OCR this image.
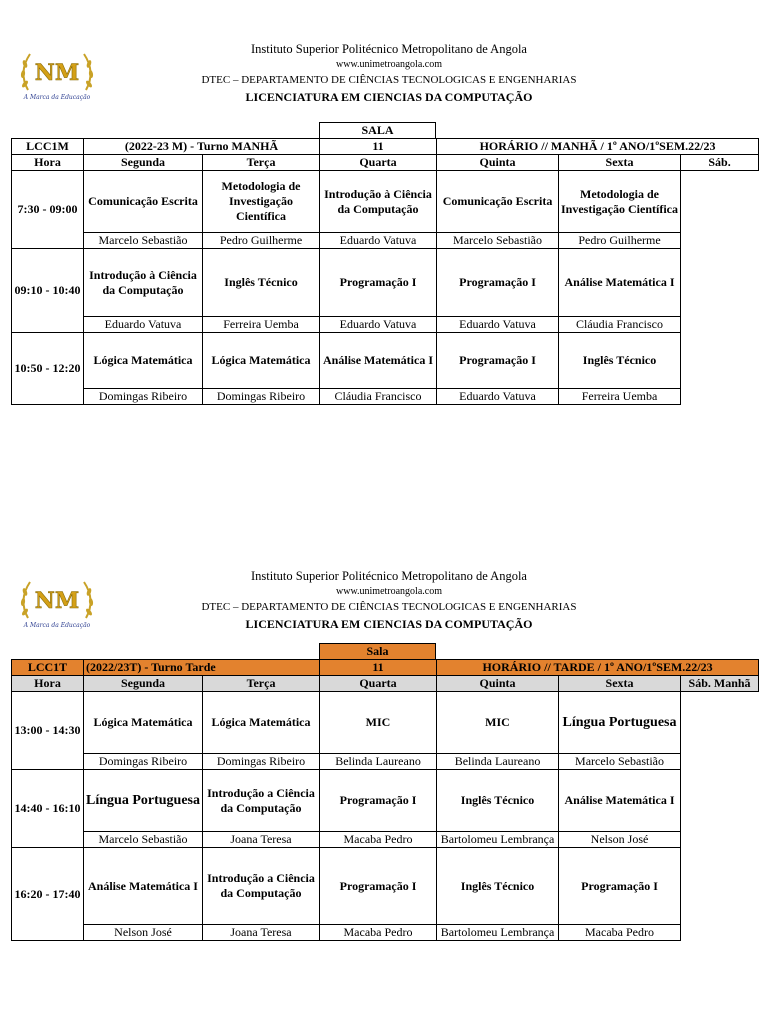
NM
A Marca da Educação
Instituto Superior Politécnico Metropolitano de Angola
www.unimetroangola.com
DTEC – DEPARTAMENTO DE CIÊNCIAS TECNOLOGICAS E ENGENHARIAS
LICENCIATURA EM CIENCIAS DA COMPUTAÇÃO
SALA
LCC1M	(2022-23 M) - Turno MANHÃ		11	HORÁRIO // MANHÃ / 1º ANO/1ºSEM.22/23		
Hora	Segunda	Terça	Quarta	Quinta	Sexta	Sáb.
7:30 - 09:00	Comunicação Escrita	Metodologia de Investigação Científica	Introdução à Ciência da Computação	Comunicação Escrita	Metodologia de Investigação Científica	
	Marcelo Sebastião	Pedro Guilherme	Eduardo Vatuva	Marcelo Sebastião	Pedro Guilherme	
09:10 - 10:40	Introdução à Ciência da Computação	Inglês Técnico	Programação I	Programação I	Análise Matemática I	
	Eduardo Vatuva	Ferreira Uemba	Eduardo Vatuva	Eduardo Vatuva	Cláudia Francisco	
10:50 - 12:20	Lógica Matemática	Lógica Matemática	Análise Matemática I	Programação I	Inglês Técnico	
	Domingas Ribeiro	Domingas Ribeiro	Cláudia Francisco	Eduardo Vatuva	Ferreira Uemba	
NM
A Marca da Educação
Instituto Superior Politécnico Metropolitano de Angola
www.unimetroangola.com
DTEC – DEPARTAMENTO DE CIÊNCIAS TECNOLOGICAS E ENGENHARIAS
LICENCIATURA EM CIENCIAS DA COMPUTAÇÃO
Sala
LCC1T	(2022/23T) - Turno Tarde		11	HORÁRIO // TARDE / 1º ANO/1ºSEM.22/23		
Hora	Segunda	Terça	Quarta	Quinta	Sexta	Sáb. Manhã
13:00 - 14:30	Lógica Matemática	Lógica Matemática	MIC	MIC	Língua Portuguesa	
	Domingas Ribeiro	Domingas Ribeiro	Belinda Laureano	Belinda Laureano	Marcelo Sebastião	
14:40 - 16:10	Língua Portuguesa	Introdução a Ciência da Computação	Programação I	Inglês Técnico	Análise Matemática I	
	Marcelo Sebastião	Joana Teresa	Macaba Pedro	Bartolomeu Lembrança	Nelson José	
16:20 - 17:40	Análise Matemática I	Introdução a Ciência da Computação	Programação I	Inglês Técnico	Programação I	
	Nelson José	Joana Teresa	Macaba Pedro	Bartolomeu Lembrança	Macaba Pedro	
